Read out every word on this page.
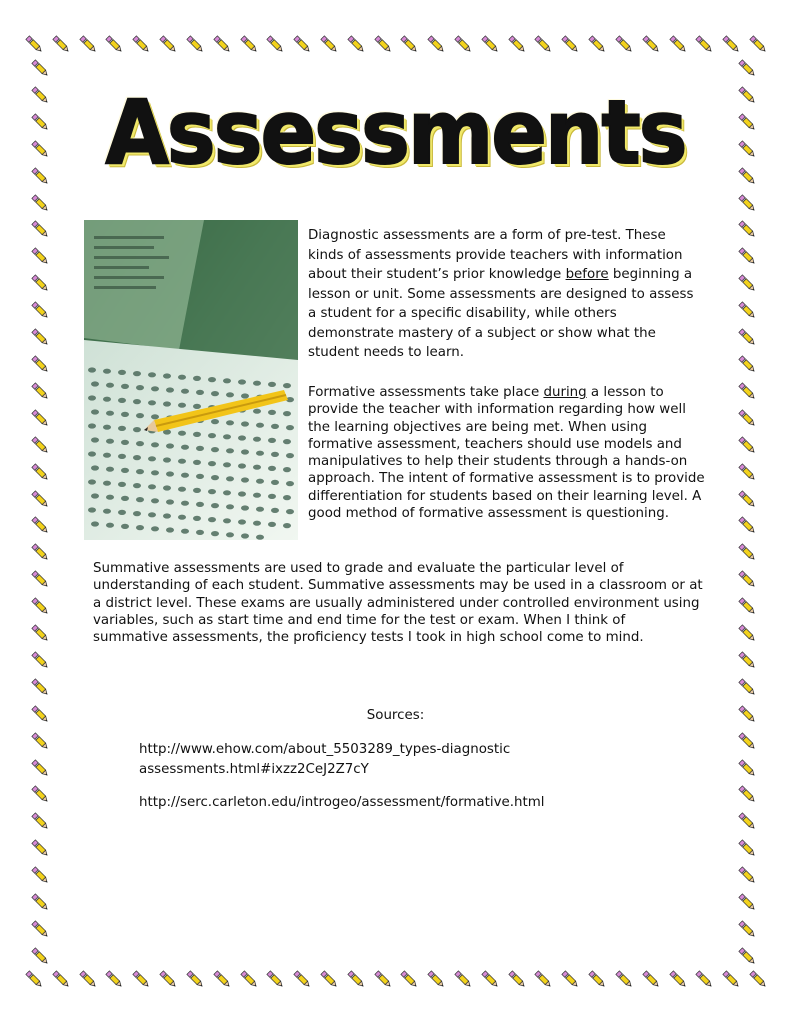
Assessments

Diagnostic assessments are a form of pre-test. These kinds of assessments provide teachers with information about their student’s prior knowledge before beginning a lesson or unit. Some assessments are designed to assess a student for a specific disability, while others demonstrate mastery of a subject or show what the student needs to learn.

Formative assessments take place during a lesson to provide the teacher with information regarding how well the learning objectives are being met. When using formative assessment, teachers should use models and manipulatives to help their students through a hands-on approach. The intent of formative assessment is to provide differentiation for students based on their learning level. A good method of formative assessment is questioning.

Summative assessments are used to grade and evaluate the particular level of understanding of each student. Summative assessments may be used in a classroom or at a district level. These exams are usually administered under controlled environment using variables, such as start time and end time for the test or exam. When I think of summative assessments, the proficiency tests I took in high school come to mind.

Sources:

http://www.ehow.com/about_5503289_types-diagnostic assessments.html#ixzz2CeJ2Z7cY

http://serc.carleton.edu/introgeo/assessment/formative.html
